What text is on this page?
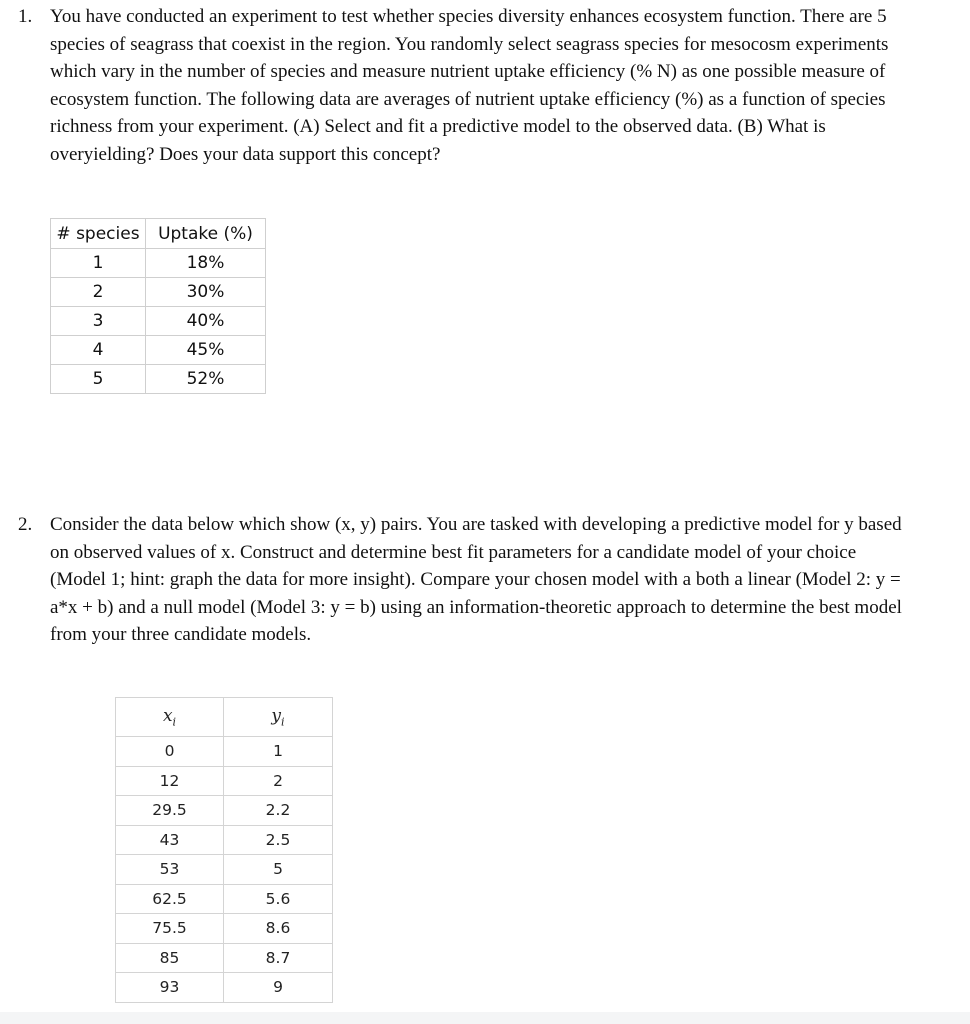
1. You have conducted an experiment to test whether species diversity enhances ecosystem function. There are 5 species of seagrass that coexist in the region. You randomly select seagrass species for mesocosm experiments which vary in the number of species and measure nutrient uptake efficiency (% N) as one possible measure of ecosystem function. The following data are averages of nutrient uptake efficiency (%) as a function of species richness from your experiment. (A) Select and fit a predictive model to the observed data. (B) What is overyielding? Does your data support this concept?
# species	Uptake (%)
1	18%
2	30%
3	40%
4	45%
5	52%
2. Consider the data below which show (x, y) pairs. You are tasked with developing a predictive model for y based on observed values of x. Construct and determine best fit parameters for a candidate model of your choice (Model 1; hint: graph the data for more insight). Compare your chosen model with a both a linear (Model 2: y = a*x + b) and a null model (Model 3: y = b) using an information-theoretic approach to determine the best model from your three candidate models.
$x_i$	$y_i$
0	1
12	2
29.5	2.2
43	2.5
53	5
62.5	5.6
75.5	8.6
85	8.7
93	9
